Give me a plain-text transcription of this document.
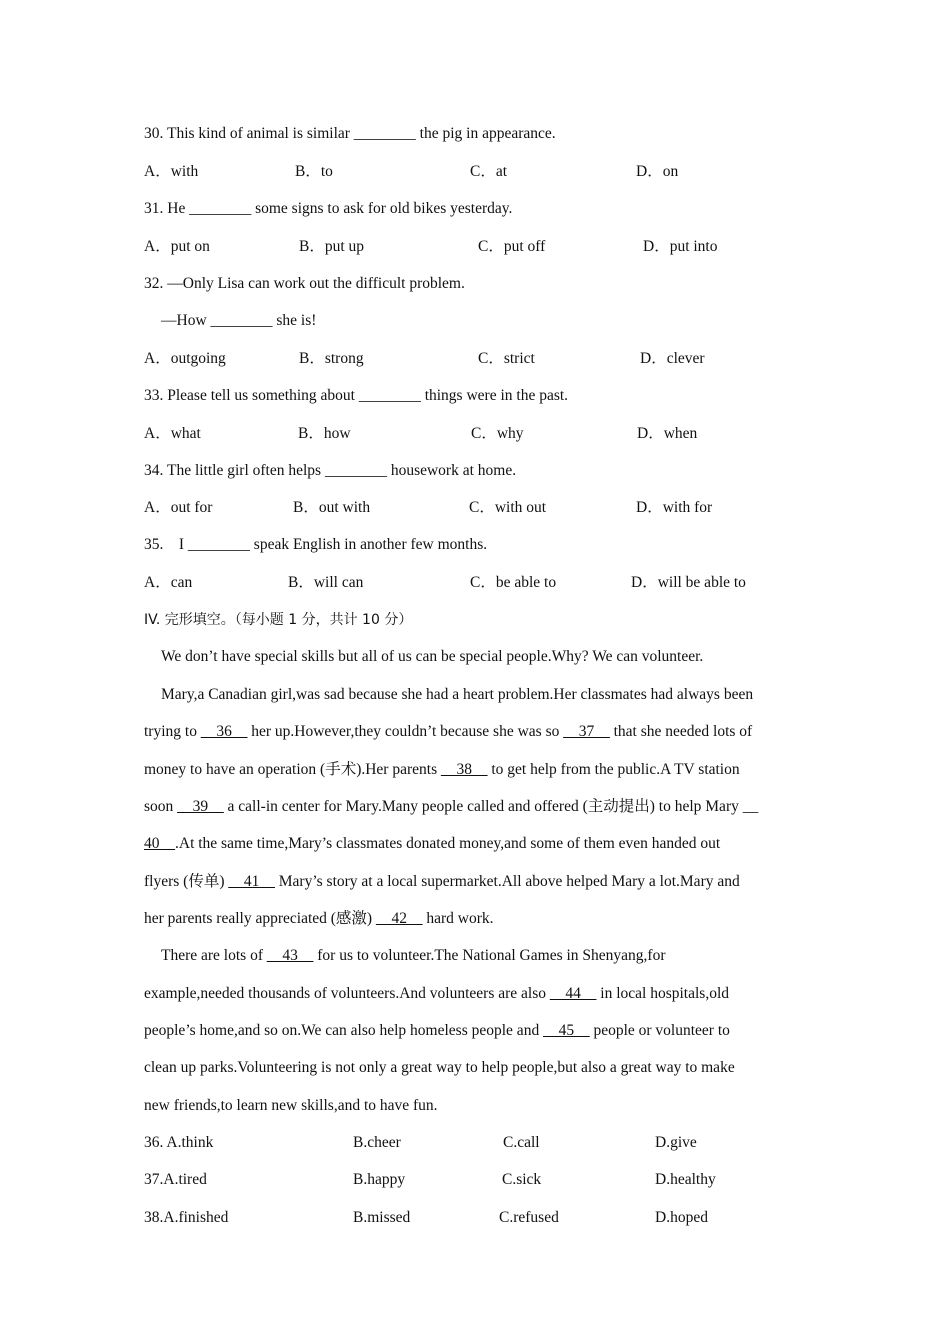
30. This kind of animal is similar ________ the pig in appearance.
A．with	B．to	C．at	D．on
31. He ________ some signs to ask for old bikes yesterday.
A．put on	B．put up	C．put off	D．put into
32. —Only Lisa can work out the difficult problem.
—How ________ she is!
A．outgoing	B．strong	C．strict	D．clever
33. Please tell us something about ________ things were in the past.
A．what	B．how	C．why	D．when
34. The little girl often helps ________ housework at home.
A．out for	B．out with	C．with out	D．with for
35.    I ________ speak English in another few months.
A．can	B．will can	C．be able to	D．will be able to
IV. 完形填空。（每小题 1 分，共计 10 分）
We don’t have special skills but all of us can be special people.Why? We can volunteer.
Mary,a Canadian girl,was sad because she had a heart problem.Her classmates had always been
trying to __36__ her up.However,they couldn’t because she was so __37__ that she needed lots of
money to have an operation (手术).Her parents __38__ to get help from the public.A TV station
soon __39__ a call-in center for Mary.Many people called and offered (主动提出) to help Mary __
40__.At the same time,Mary’s classmates donated money,and some of them even handed out
flyers (传单) __41__ Mary’s story at a local supermarket.All above helped Mary a lot.Mary and
her parents really appreciated (感激) __42__ hard work.
There are lots of __43__ for us to volunteer.The National Games in Shenyang,for
example,needed thousands of volunteers.And volunteers are also __44__ in local hospitals,old
people’s home,and so on.We can also help homeless people and __45__ people or volunteer to
clean up parks.Volunteering is not only a great way to help people,but also a great way to make
new friends,to learn new skills,and to have fun.
36. A.think	B.cheer	C.call	D.give
37.A.tired	B.happy	C.sick	D.healthy
38.A.finished	B.missed	C.refused	D.hoped
